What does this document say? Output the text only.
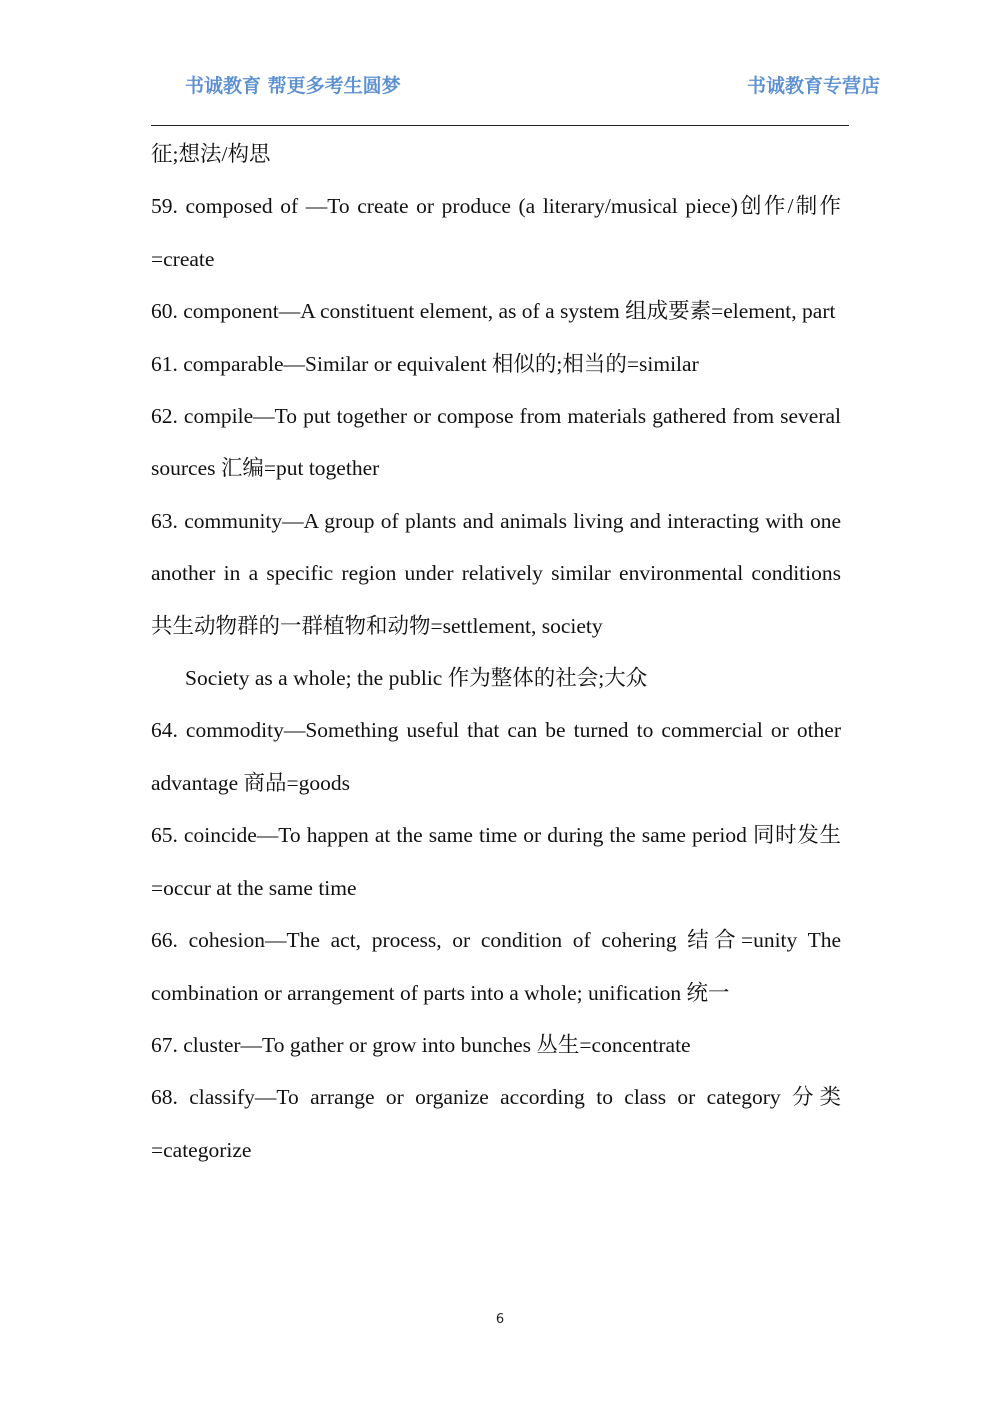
书诚教育 帮更多考生圆梦	书诚教育专营店

征;想法/构思

59. composed of —To create or produce (a literary/musical piece)创作/制作=create

60. component—A constituent element, as of a system 组成要素=element, part

61. comparable—Similar or equivalent 相似的;相当的=similar

62. compile—To put together or compose from materials gathered from several sources 汇编=put together

63. community—A group of plants and animals living and interacting with one another in a specific region under relatively similar environmental conditions 共生动物群的一群植物和动物=settlement, society

Society as a whole; the public 作为整体的社会;大众

64. commodity—Something useful that can be turned to commercial or other advantage 商品=goods

65. coincide—To happen at the same time or during the same period 同时发生=occur at the same time

66. cohesion—The act, process, or condition of cohering 结合=unity The combination or arrangement of parts into a whole; unification 统一

67. cluster—To gather or grow into bunches 丛生=concentrate

68. classify—To arrange or organize according to class or category 分类=categorize

6
